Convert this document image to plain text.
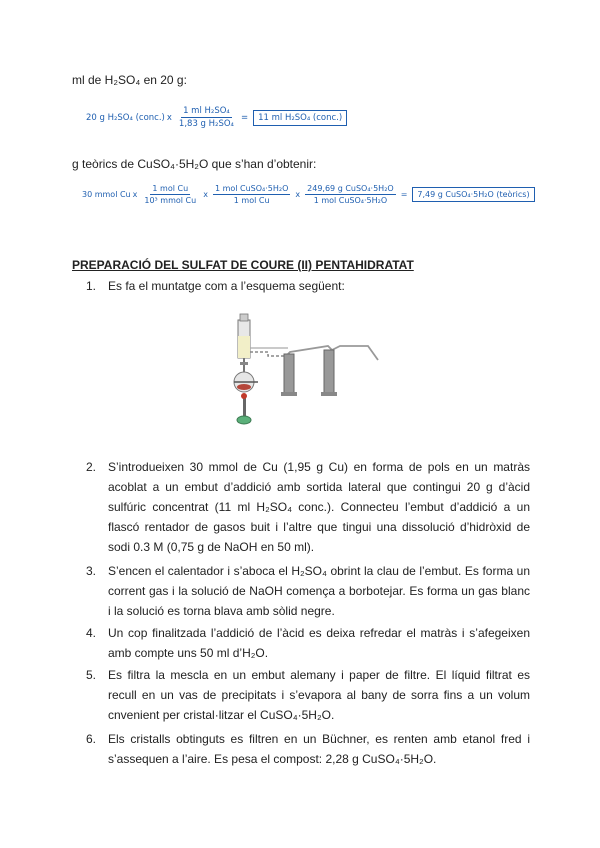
ml de H₂SO₄ en 20 g:
20 g H₂SO₄ (conc.) x $\frac{\text{1 ml H₂SO₄}}{\text{1,83 g H₂SO₄}}$ =	11 ml H₂SO₄ (conc.)
g teòrics de CuSO₄·5H₂O que s’han d’obtenir:
30 mmol Cu x $\frac{\text{1 mol Cu}}{\text{10³ mmol Cu}}$ x $\frac{\text{1 mol CuSO₄·5H₂O}}{\text{1 mol Cu}}$ x $\frac{\text{249,69 g CuSO₄·5H₂O}}{\text{1 mol CuSO₄·5H₂O}}$ =	7,49 g CuSO₄·5H₂O (teòrics)
PREPARACIÓ DEL SULFAT DE COURE (II) PENTAHIDRATAT
1. Es fa el muntatge com a l’esquema següent:
2. S’introdueixen 30 mmol de Cu (1,95 g Cu) en forma de pols en un matràs acoblat a un embut d’addició amb sortida lateral que contingui 20 g d’àcid sulfúric concentrat (11 ml H₂SO₄ conc.). Connecteu l’embut d’addició a un flascó rentador de gasos buit i l’altre que tingui una dissolució d’hidròxid de sodi 0.3 M (0,75 g de NaOH en 50 ml).
3. S’encen el calentador i s’aboca el H₂SO₄ obrint la clau de l’embut. Es forma un corrent gas i la solució de NaOH comença a borbotejar. Es forma un gas blanc i la solució es torna blava amb sòlid negre.
4. Un cop finalitzada l’addició de l’àcid es deixa refredar el matràs i s’afegeixen amb compte uns 50 ml d’H₂O.
5. Es filtra la mescla en un embut alemany i paper de filtre. El líquid filtrat es recull en un vas de precipitats i s’evapora al bany de sorra fins a un volum cnvenient per cristal·litzar el CuSO₄·5H₂O.
6. Els cristalls obtinguts es filtren en un Büchner, es renten amb etanol fred i s’assequen a l’aire. Es pesa el compost: 2,28 g CuSO₄·5H₂O.
